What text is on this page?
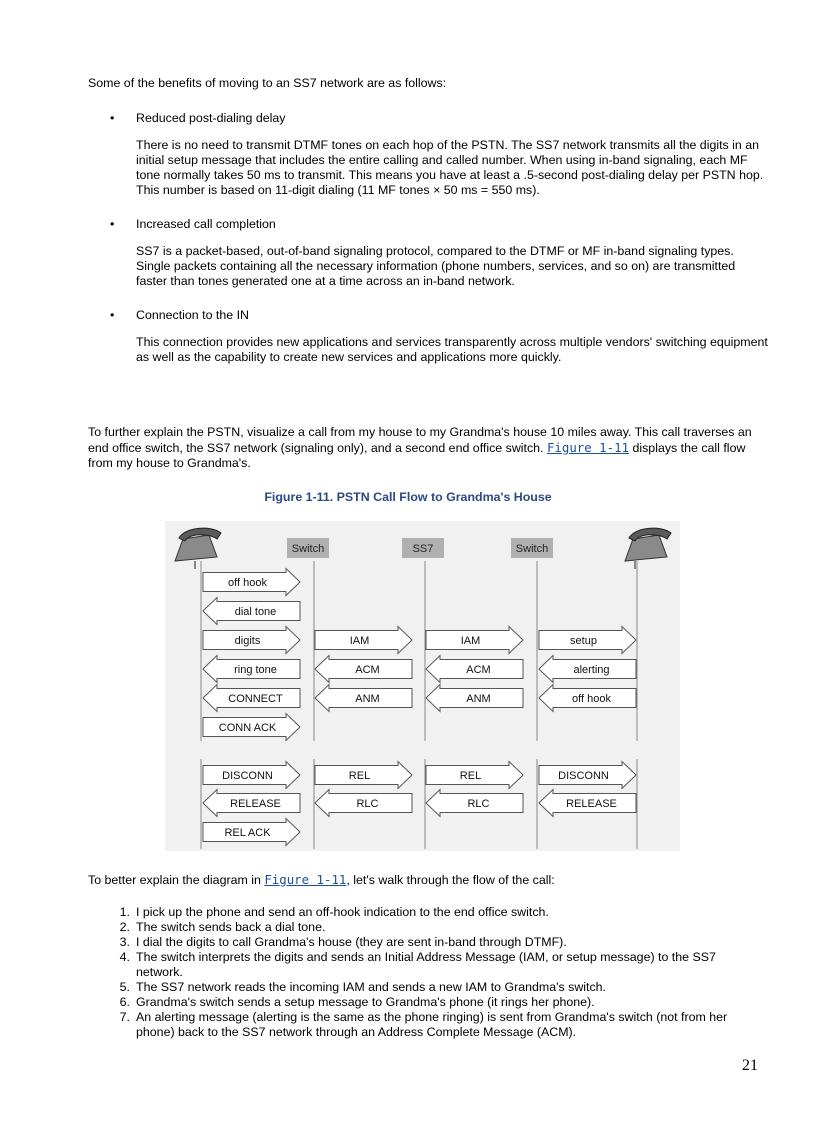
Some of the benefits of moving to an SS7 network are as follows:

• Reduced post-dialing delay
There is no need to transmit DTMF tones on each hop of the PSTN. The SS7 network transmits all the digits in an initial setup message that includes the entire calling and called number. When using in-band signaling, each MF tone normally takes 50 ms to transmit. This means you have at least a .5-second post-dialing delay per PSTN hop. This number is based on 11-digit dialing (11 MF tones × 50 ms = 550 ms).
• Increased call completion
SS7 is a packet-based, out-of-band signaling protocol, compared to the DTMF or MF in-band signaling types. Single packets containing all the necessary information (phone numbers, services, and so on) are transmitted faster than tones generated one at a time across an in-band network.
• Connection to the IN
This connection provides new applications and services transparently across multiple vendors' switching equipment as well as the capability to create new services and applications more quickly.

To further explain the PSTN, visualize a call from my house to my Grandma's house 10 miles away. This call traverses an end office switch, the SS7 network (signaling only), and a second end office switch. Figure 1-11 displays the call flow from my house to Grandma's.

Figure 1-11. PSTN Call Flow to Grandma's House
Switch	SS7	Switch
off hook
dial tone
digits
ring tone
CONNECT
CONN ACK
DISCONN
RELEASE
REL ACK
IAM
ACM
ANM
REL
RLC
IAM
ACM
ANM
REL
RLC
setup
alerting
off hook
DISCONN
RELEASE

To better explain the diagram in Figure 1-11, let's walk through the flow of the call:

1. I pick up the phone and send an off-hook indication to the end office switch.
2. The switch sends back a dial tone.
3. I dial the digits to call Grandma's house (they are sent in-band through DTMF).
4. The switch interprets the digits and sends an Initial Address Message (IAM, or setup message) to the SS7 network.
5. The SS7 network reads the incoming IAM and sends a new IAM to Grandma's switch.
6. Grandma's switch sends a setup message to Grandma's phone (it rings her phone).
7. An alerting message (alerting is the same as the phone ringing) is sent from Grandma's switch (not from her phone) back to the SS7 network through an Address Complete Message (ACM).
21
